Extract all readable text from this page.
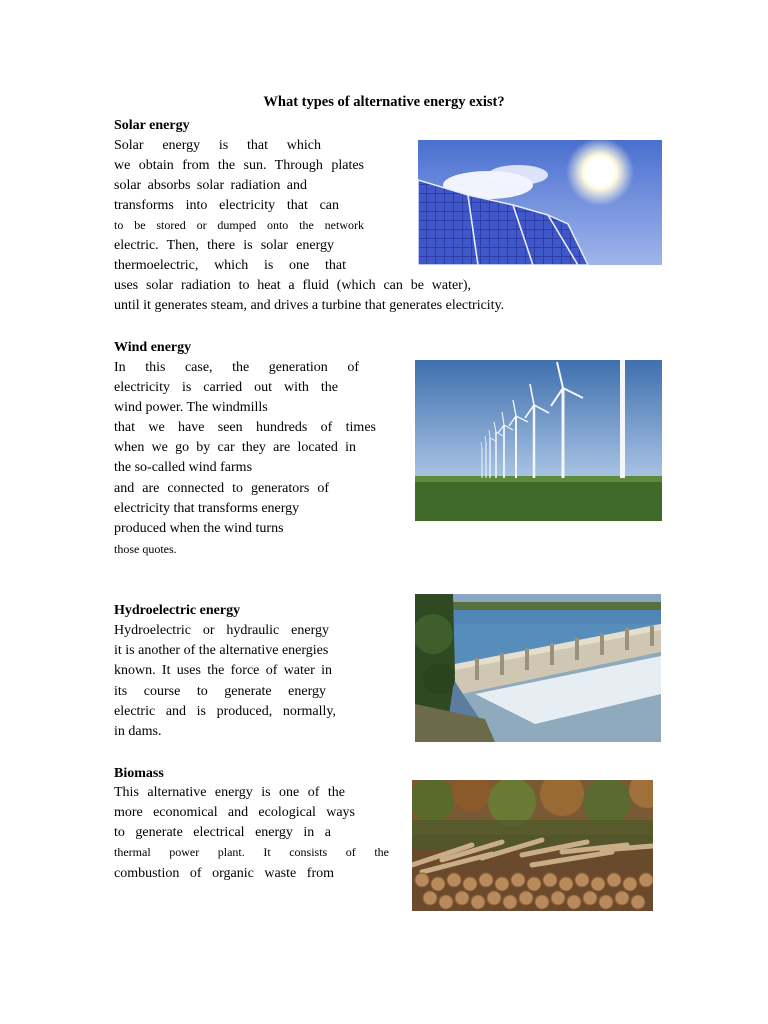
What types of alternative energy exist?
Solar energy
Solar energy is that which
we obtain from the sun. Through plates
solar absorbs solar radiation and
transforms into electricity that can
to be stored or dumped onto the network
electric. Then, there is solar energy
thermoelectric, which is one that
uses solar radiation to heat a fluid (which can be water),
until it generates steam, and drives a turbine that generates electricity.
Wind energy
In this case, the generation of
electricity is carried out with the
wind power. The windmills
that we have seen hundreds of times
when we go by car they are located in
the so-called wind farms
and are connected to generators of
electricity that transforms energy
produced when the wind turns
those quotes.
Hydroelectric energy
Hydroelectric or hydraulic energy
it is another of the alternative energies
known. It uses the force of water in
its course to generate energy
electric and is produced, normally,
in dams.
Biomass
This alternative energy is one of the
more economical and ecological ways
to generate electrical energy in a
thermal power plant. It consists of the
combustion of organic waste from
